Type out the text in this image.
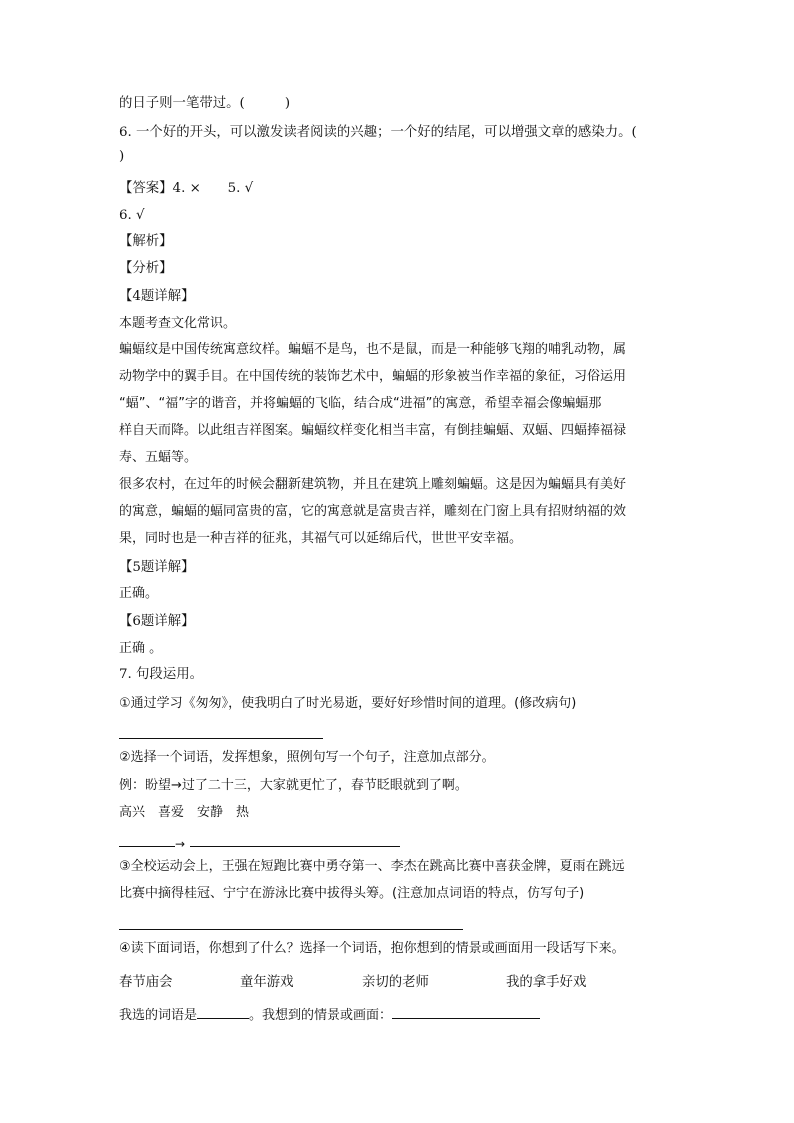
的日子则一笔带过。(　　　)
6. 一个好的开头，可以激发读者阅读的兴趣；一个好的结尾，可以增强文章的感染力。(
)
【答案】4. ×　　5. √
6. √
【解析】
【分析】
【4题详解】
本题考查文化常识。
蝙蝠纹是中国传统寓意纹样。蝙蝠不是鸟，也不是鼠，而是一种能够飞翔的哺乳动物，属
动物学中的翼手目。在中国传统的装饰艺术中，蝙蝠的形象被当作幸福的象征，习俗运用
“蝠”、“福”字的谐音，并将蝙蝠的飞临，结合成“进福”的寓意，希望幸福会像蝙蝠那
样自天而降。以此组吉祥图案。蝙蝠纹样变化相当丰富，有倒挂蝙蝠、双蝠、四蝠捧福禄
寿、五蝠等。
很多农村，在过年的时候会翻新建筑物，并且在建筑上雕刻蝙蝠。这是因为蝙蝠具有美好
的寓意，蝙蝠的蝠同富贵的富，它的寓意就是富贵吉祥，雕刻在门窗上具有招财纳福的效
果，同时也是一种吉祥的征兆，其福气可以延绵后代，世世平安幸福。
【5题详解】
正确。
【6题详解】
正确 。
7. 句段运用。
①通过学习《匆匆》，使我明白了时光易逝，要好好珍惜时间的道理。(修改病句)
②选择一个词语，发挥想象，照例句写一个句子，注意加点部分。
例：盼望→过了二十三，大家就更忙了，春节眨眼就到了啊。
高兴　喜爱　安静　热
→
③全校运动会上，王强在短跑比赛中勇夺第一、李杰在跳高比赛中喜获金牌，夏雨在跳远
比赛中摘得桂冠、宁宁在游泳比赛中拔得头筹。(注意加点词语的特点，仿写句子)
④读下面词语，你想到了什么？选择一个词语，抱你想到的情景或画面用一段话写下来。
春节庙会	童年游戏	亲切的老师	我的拿手好戏
我选的词语是	。我想到的情景或画面：
